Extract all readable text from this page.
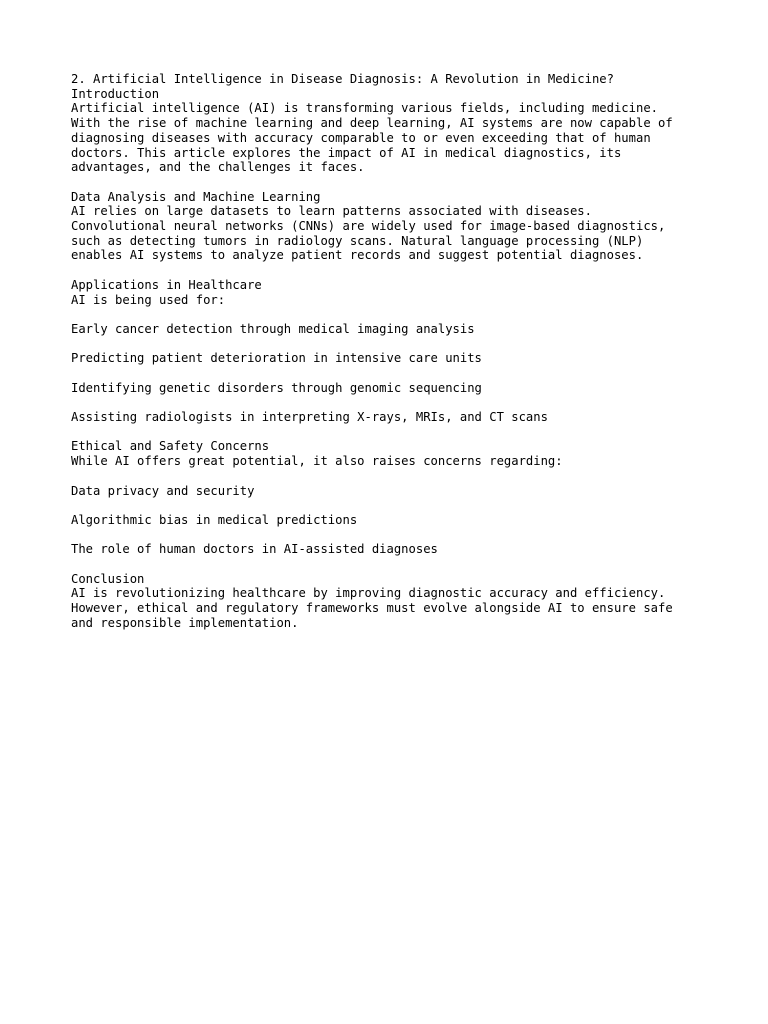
2. Artificial Intelligence in Disease Diagnosis: A Revolution in Medicine?
Introduction
Artificial intelligence (AI) is transforming various fields, including medicine.
With the rise of machine learning and deep learning, AI systems are now capable of
diagnosing diseases with accuracy comparable to or even exceeding that of human
doctors. This article explores the impact of AI in medical diagnostics, its
advantages, and the challenges it faces.
Data Analysis and Machine Learning
AI relies on large datasets to learn patterns associated with diseases.
Convolutional neural networks (CNNs) are widely used for image-based diagnostics,
such as detecting tumors in radiology scans. Natural language processing (NLP)
enables AI systems to analyze patient records and suggest potential diagnoses.
Applications in Healthcare
AI is being used for:
Early cancer detection through medical imaging analysis
Predicting patient deterioration in intensive care units
Identifying genetic disorders through genomic sequencing
Assisting radiologists in interpreting X-rays, MRIs, and CT scans
Ethical and Safety Concerns
While AI offers great potential, it also raises concerns regarding:
Data privacy and security
Algorithmic bias in medical predictions
The role of human doctors in AI-assisted diagnoses
Conclusion
AI is revolutionizing healthcare by improving diagnostic accuracy and efficiency.
However, ethical and regulatory frameworks must evolve alongside AI to ensure safe
and responsible implementation.
